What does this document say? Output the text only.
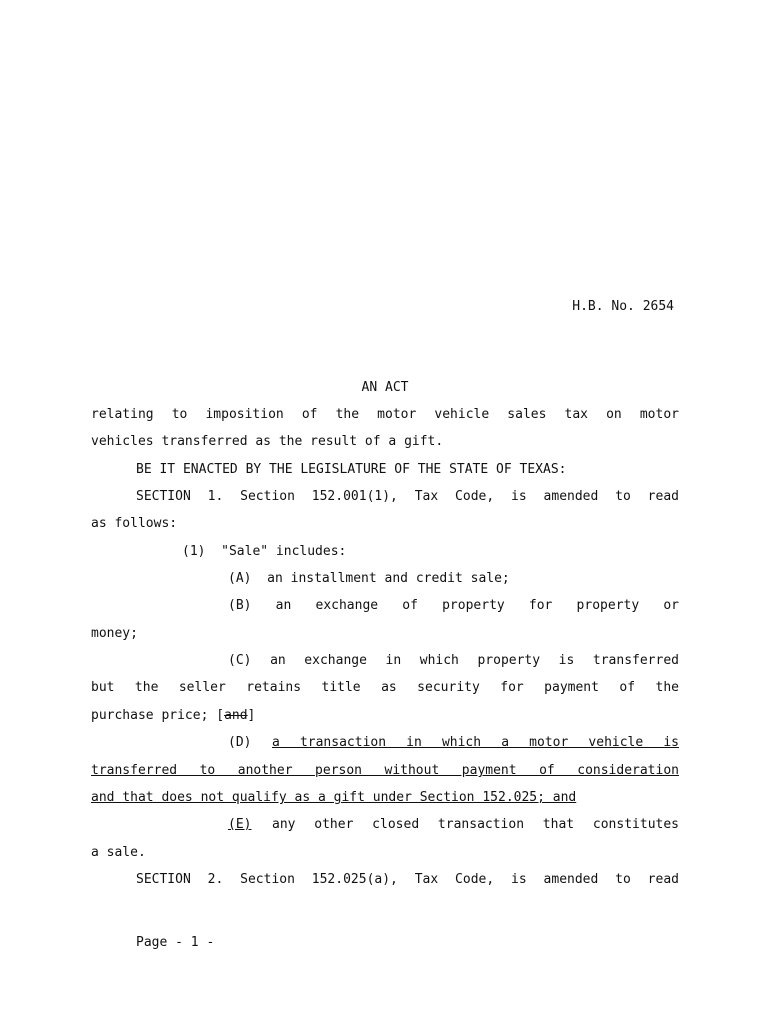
H.B. No. 2654
AN ACT
relating to imposition of the motor vehicle sales tax on motor
vehicles transferred as the result of a gift.
BE IT ENACTED BY THE LEGISLATURE OF THE STATE OF TEXAS:
SECTION 1. Section 152.001(1), Tax Code, is amended to read
as follows:
(1)  "Sale" includes:
(A)  an installment and credit sale;
(B) an exchange of property for property or
money;
(C) an exchange in which property is transferred
but the seller retains title as security for payment of the
purchase price; [and]
(D) a transaction in which a motor vehicle is
transferred to another person without payment of consideration
and that does not qualify as a gift under Section 152.025; and
(E) any other closed transaction that constitutes
a sale.
SECTION 2. Section 152.025(a), Tax Code, is amended to read
Page - 1 -
